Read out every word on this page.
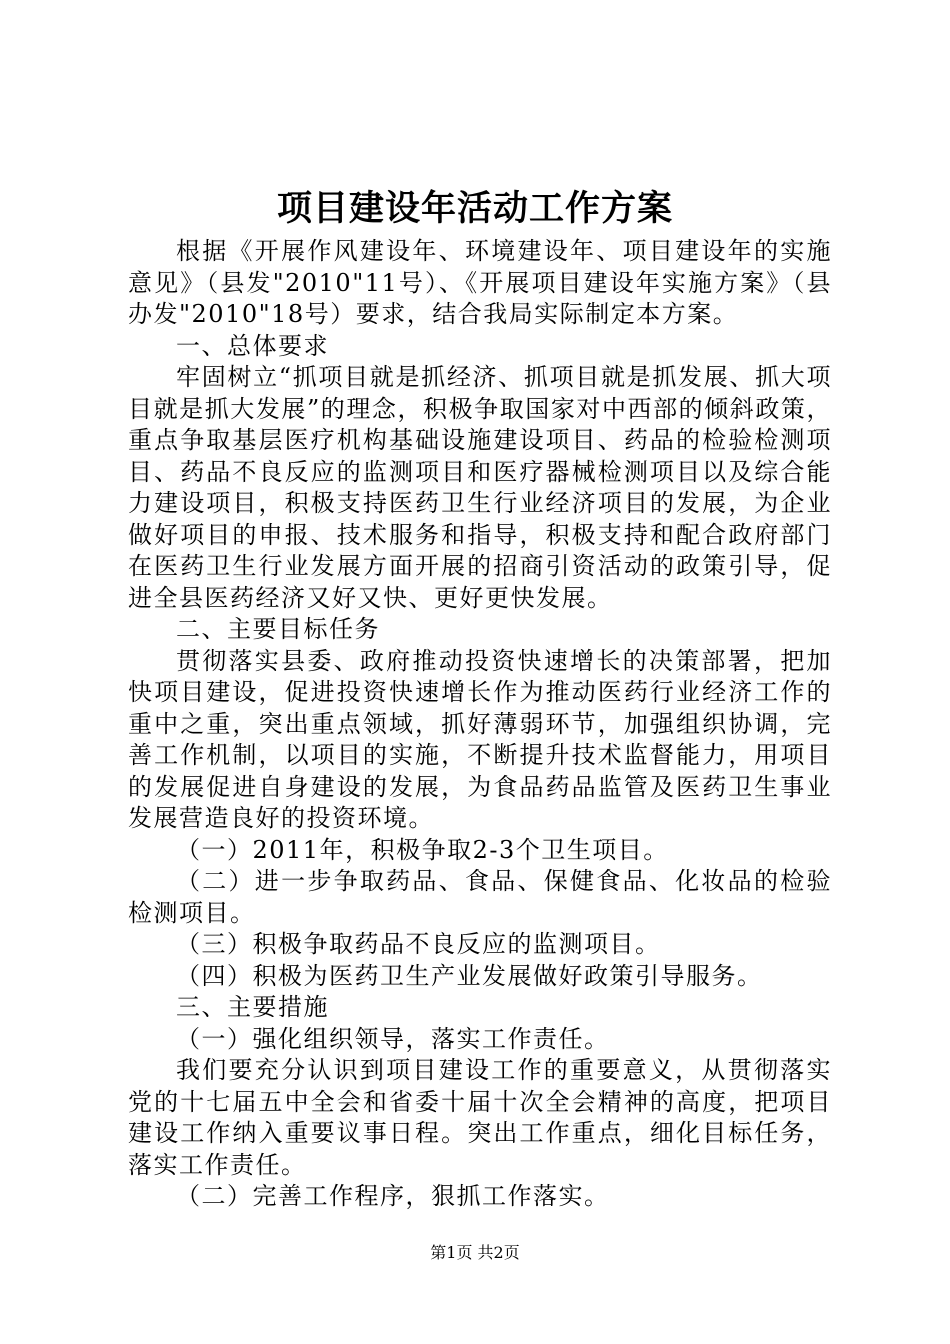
项目建设年活动工作方案

根据《开展作风建设年、环境建设年、项目建设年的实施意见》（县发"2010"11号）、《开展项目建设年实施方案》（县办发"2010"18号）要求，结合我局实际制定本方案。

一、总体要求

牢固树立“抓项目就是抓经济、抓项目就是抓发展、抓大项目就是抓大发展”的理念，积极争取国家对中西部的倾斜政策，重点争取基层医疗机构基础设施建设项目、药品的检验检测项目、药品不良反应的监测项目和医疗器械检测项目以及综合能力建设项目，积极支持医药卫生行业经济项目的发展，为企业做好项目的申报、技术服务和指导，积极支持和配合政府部门在医药卫生行业发展方面开展的招商引资活动的政策引导，促进全县医药经济又好又快、更好更快发展。

二、主要目标任务

贯彻落实县委、政府推动投资快速增长的决策部署，把加快项目建设，促进投资快速增长作为推动医药行业经济工作的重中之重，突出重点领域，抓好薄弱环节，加强组织协调，完善工作机制，以项目的实施，不断提升技术监督能力，用项目的发展促进自身建设的发展，为食品药品监管及医药卫生事业发展营造良好的投资环境。

（一）2011年，积极争取2-3个卫生项目。

（二）进一步争取药品、食品、保健食品、化妆品的检验检测项目。

（三）积极争取药品不良反应的监测项目。

（四）积极为医药卫生产业发展做好政策引导服务。

三、主要措施

（一）强化组织领导，落实工作责任。

我们要充分认识到项目建设工作的重要意义，从贯彻落实党的十七届五中全会和省委十届十次全会精神的高度，把项目建设工作纳入重要议事日程。突出工作重点，细化目标任务，落实工作责任。

（二）完善工作程序，狠抓工作落实。

第1页 共2页
